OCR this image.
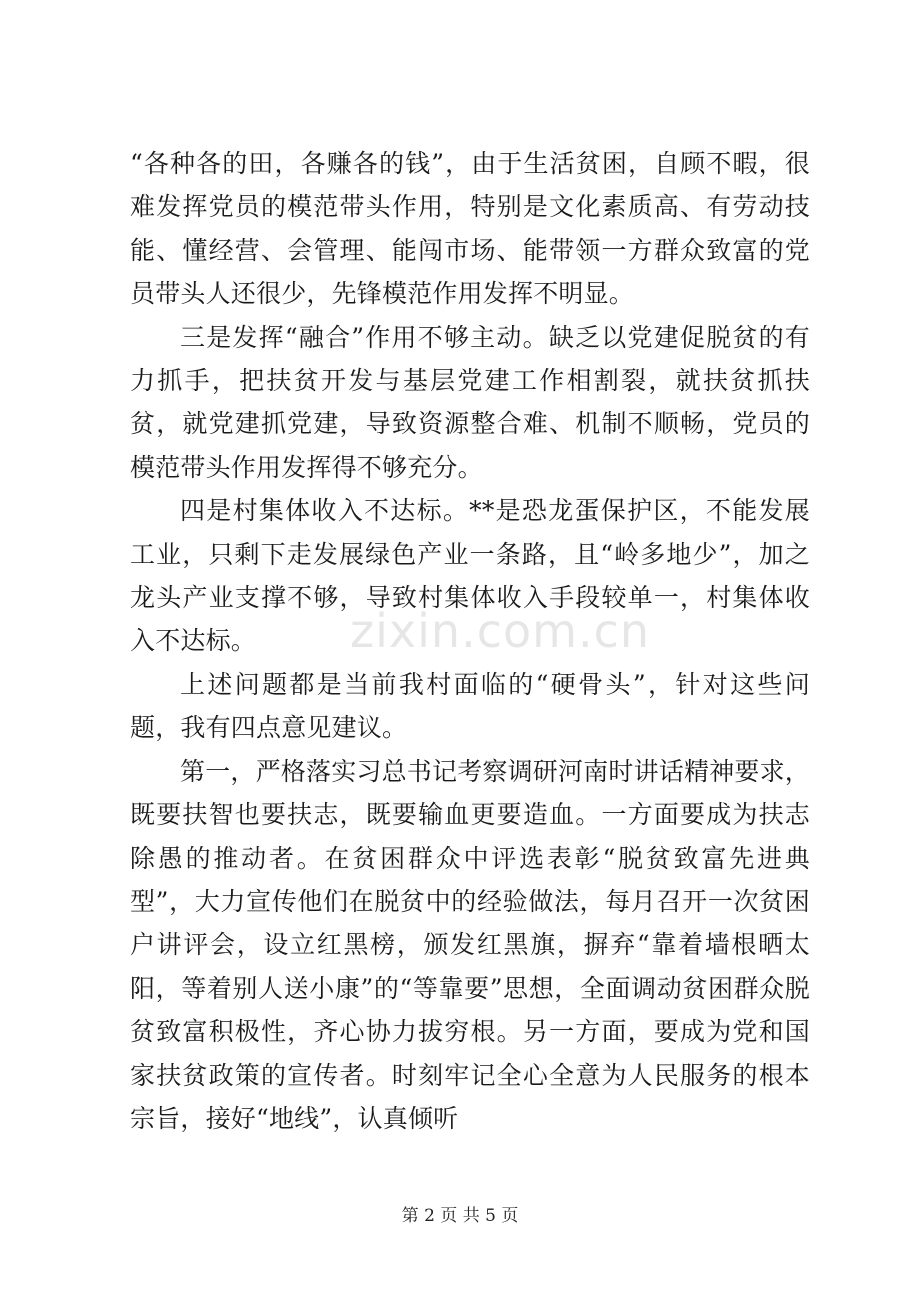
“各种各的田，各赚各的钱”，由于生活贫困，自顾不暇，很难发挥党员的模范带头作用，特别是文化素质高、有劳动技能、懂经营、会管理、能闯市场、能带领一方群众致富的党员带头人还很少，先锋模范作用发挥不明显。

三是发挥“融合”作用不够主动。缺乏以党建促脱贫的有力抓手，把扶贫开发与基层党建工作相割裂，就扶贫抓扶贫，就党建抓党建，导致资源整合难、机制不顺畅，党员的模范带头作用发挥得不够充分。

四是村集体收入不达标。**是恐龙蛋保护区，不能发展工业，只剩下走发展绿色产业一条路，且“岭多地少”，加之龙头产业支撑不够，导致村集体收入手段较单一，村集体收入不达标。

上述问题都是当前我村面临的“硬骨头”，针对这些问题，我有四点意见建议。

第一，严格落实习总书记考察调研河南时讲话精神要求，既要扶智也要扶志，既要输血更要造血。一方面要成为扶志除愚的推动者。在贫困群众中评选表彰“脱贫致富先进典型”，大力宣传他们在脱贫中的经验做法，每月召开一次贫困户讲评会，设立红黑榜，颁发红黑旗，摒弃“靠着墙根晒太阳，等着别人送小康”的“等靠要”思想，全面调动贫困群众脱贫致富积极性，齐心协力拔穷根。另一方面，要成为党和国家扶贫政策的宣传者。时刻牢记全心全意为人民服务的根本宗旨，接好“地线”，认真倾听

zixin.com.cn
第 2 页 共 5 页
